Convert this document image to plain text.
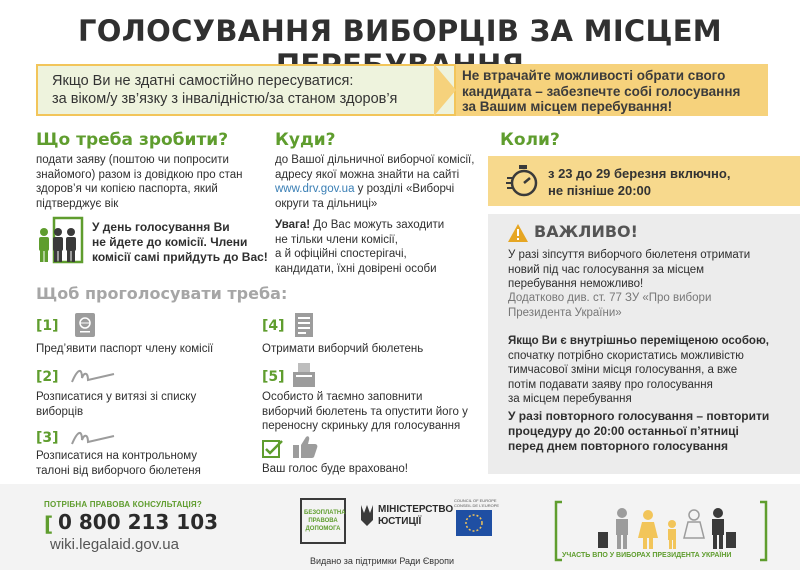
ГОЛОСУВАННЯ ВИБОРЦІВ ЗА МІСЦЕМ
Якщо Ви не здатні самостійно пересуватися:
за віком/у зв’язку з інвалідністю/за станом здоров’я
Не втрачайте можливості обрати свого
кандидата – забезпечте собі голосування
за Вашим місцем перебування!
Що треба зробити?
подати заяву (поштою чи попросити
знайомого) разом із довідкою про стан
здоров’я чи копією паспорта, який
підтверджує вік
У день голосування Ви
не йдете до комісії. Члени
комісії самі прийдуть до Вас!
Куди?
до Вашої дільничної виборчої комісії,
адресу якої можна знайти на сайті
www.drv.gov.ua у розділі «Виборчі
округи та дільниці»
Увага! До Вас можуть заходити
не тільки члени комісії,
а й офіційні спостерігачі,
кандидати, їхні довірені особи
Коли?
з 23 до 29 березня включно,
не пізніше 20:00
ВАЖЛИВО!
У разі зіпсуття виборчого бюлетеня отримати
новий під час голосування за місцем
перебування неможливо!
Додатково див. ст. 77 ЗУ «Про вибори
Президента України»
Якщо Ви є внутрішньо переміщеною особою,
спочатку потрібно скористатись можливістю
тимчасової зміни місця голосування, а вже
потім подавати заяву про голосування
за місцем перебування
У разі повторного голосування – повторити
процедуру до 20:00 останньої п’ятниці
перед днем повторного голосування
Щоб проголосувати треба:
[1]
Пред’явити паспорт члену комісії
[2]
Розписатися у витязі зі списку
виборців
[3]
Розписатися на контрольному
талоні від виборчого бюлетеня
[4]
Отримати виборчий бюлетень
[5]
Особисто й таємно заповнити
виборчий бюлетень та опустити його у
переносну скриньку для голосування
Ваш голос буде враховано!
ПОТРІБНА ПРАВОВА КОНСУЛЬТАЦІЯ?
[ 0 800 213 103
wiki.legalaid.gov.ua
БЕЗОПЛАТНА
ПРАВОВА
ДОПОМОГА
МІНІСТЕРСТВО
ЮСТИЦІЇ
COUNCIL OF EUROPE
CONSEIL DE L'EUROPE
Видано за підтримки Ради Європи
УЧАСТЬ ВПО У ВИБОРАХ ПРЕЗИДЕНТА УКРАЇНИ
